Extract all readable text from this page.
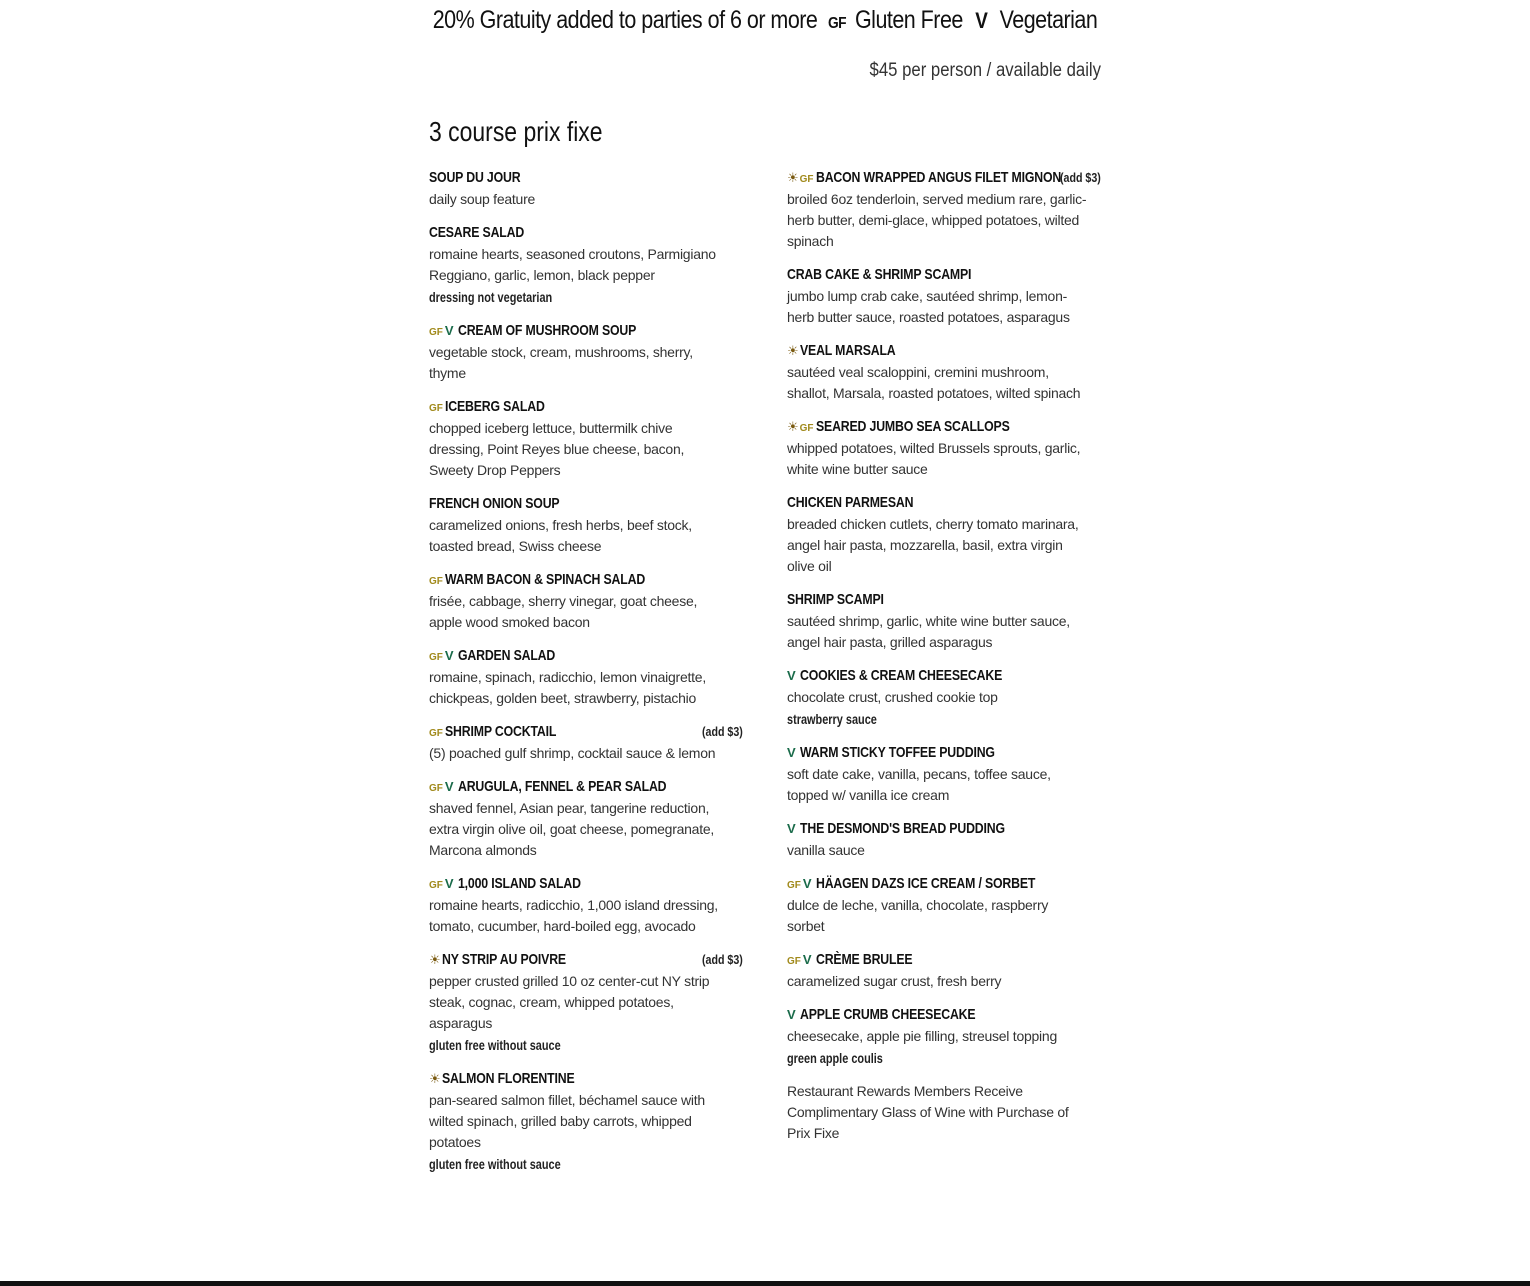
20% Gratuity added to parties of 6 or more GF Gluten Free V Vegetarian
$45 per person / available daily
3 course prix fixe
SOUP DU JOUR
daily soup feature
CESARE SALAD
romaine hearts, seasoned croutons, Parmigiano Reggiano, garlic, lemon, black pepper
dressing not vegetarian
GF V CREAM OF MUSHROOM SOUP
vegetable stock, cream, mushrooms, sherry, thyme
GF ICEBERG SALAD
chopped iceberg lettuce, buttermilk chive dressing, Point Reyes blue cheese, bacon, Sweety Drop Peppers
FRENCH ONION SOUP
caramelized onions, fresh herbs, beef stock, toasted bread, Swiss cheese
GF WARM BACON & SPINACH SALAD
frisée, cabbage, sherry vinegar, goat cheese, apple wood smoked bacon
GF V GARDEN SALAD
romaine, spinach, radicchio, lemon vinaigrette, chickpeas, golden beet, strawberry, pistachio
GF SHRIMP COCKTAIL	(add $3)
(5) poached gulf shrimp, cocktail sauce & lemon
GF V ARUGULA, FENNEL & PEAR SALAD
shaved fennel, Asian pear, tangerine reduction, extra virgin olive oil, goat cheese, pomegranate, Marcona almonds
GF V 1,000 ISLAND SALAD
romaine hearts, radicchio, 1,000 island dressing, tomato, cucumber, hard-boiled egg, avocado
☀NY STRIP AU POIVRE	(add $3)
pepper crusted grilled 10 oz center-cut NY strip steak, cognac, cream, whipped potatoes, asparagus
gluten free without sauce
☀SALMON FLORENTINE
pan-seared salmon fillet, béchamel sauce with wilted spinach, grilled baby carrots, whipped potatoes
gluten free without sauce
☀GF BACON WRAPPED ANGUS FILET MIGNON (add $3)
broiled 6oz tenderloin, served medium rare, garlic-herb butter, demi-glace, whipped potatoes, wilted spinach
CRAB CAKE & SHRIMP SCAMPI
jumbo lump crab cake, sautéed shrimp, lemon-herb butter sauce, roasted potatoes, asparagus
☀VEAL MARSALA
sautéed veal scaloppini, cremini mushroom, shallot, Marsala, roasted potatoes, wilted spinach
☀GF SEARED JUMBO SEA SCALLOPS
whipped potatoes, wilted Brussels sprouts, garlic, white wine butter sauce
CHICKEN PARMESAN
breaded chicken cutlets, cherry tomato marinara, angel hair pasta, mozzarella, basil, extra virgin olive oil
SHRIMP SCAMPI
sautéed shrimp, garlic, white wine butter sauce, angel hair pasta, grilled asparagus
V COOKIES & CREAM CHEESECAKE
chocolate crust, crushed cookie top
strawberry sauce
V WARM STICKY TOFFEE PUDDING
soft date cake, vanilla, pecans, toffee sauce, topped w/ vanilla ice cream
V THE DESMOND'S BREAD PUDDING
vanilla sauce
GF V HÄAGEN DAZS ICE CREAM / SORBET
dulce de leche, vanilla, chocolate, raspberry sorbet
GF V CRÈME BRULEE
caramelized sugar crust, fresh berry
V APPLE CRUMB CHEESECAKE
cheesecake, apple pie filling, streusel topping
green apple coulis
Restaurant Rewards Members Receive Complimentary Glass of Wine with Purchase of Prix Fixe
